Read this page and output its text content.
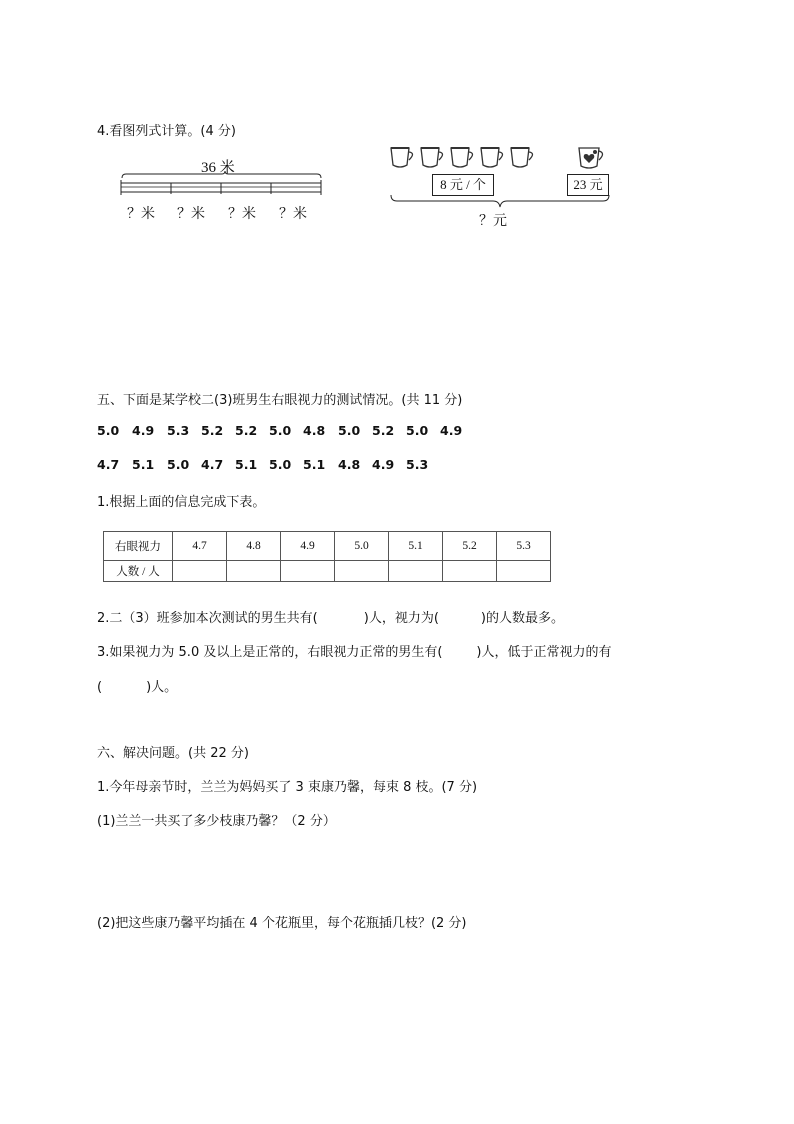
4.看图列式计算。(4 分)
36 米
？米 ？米 ？米 ？米
8 元 / 个	23 元
？元
五、下面是某学校二(3)班男生右眼视力的测试情况。(共 11 分)
5.0 4.9 5.3 5.2 5.2 5.0 4.8 5.0 5.2 5.0 4.9
4.7 5.1 5.0 4.7 5.1 5.0 5.1 4.8 4.9 5.3
1.根据上面的信息完成下表。
右眼视力	4.7	4.8	4.9	5.0	5.1	5.2	5.3
人数 / 人							
2.二（3）班参加本次测试的男生共有(	)人，视力为(	)的人数最多。
3.如果视力为 5.0 及以上是正常的，右眼视力正常的男生有(	)人，低于正常视力的有
(	)人。
六、解决问题。(共 22 分)
1.今年母亲节时，兰兰为妈妈买了 3 束康乃馨，每束 8 枝。(7 分)
(1)兰兰一共买了多少枝康乃馨？（2 分）
(2)把这些康乃馨平均插在 4 个花瓶里，每个花瓶插几枝？(2 分)
